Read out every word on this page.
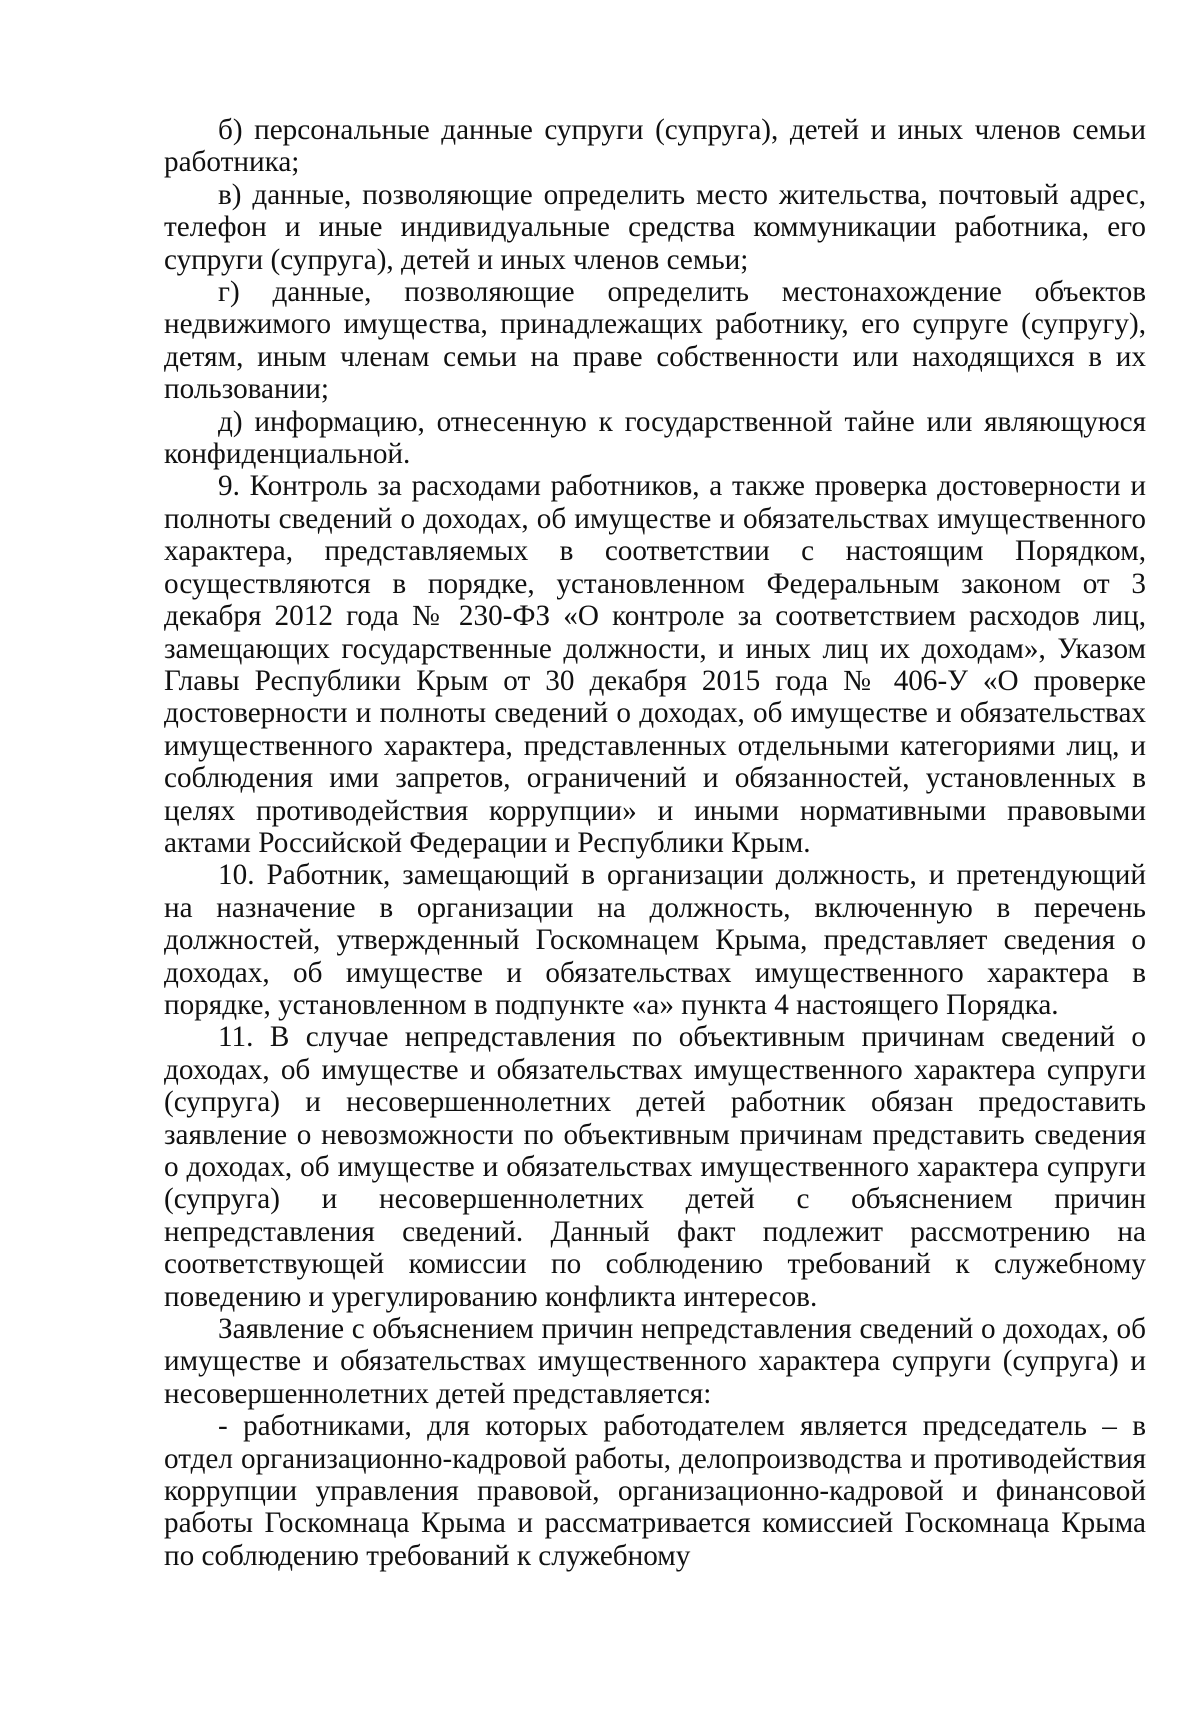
б) персональные данные супруги (супруга), детей и иных членов семьи работника;

в) данные, позволяющие определить место жительства, почтовый адрес, телефон и иные индивидуальные средства коммуникации работника, его супруги (супруга), детей и иных членов семьи;

г) данные, позволяющие определить местонахождение объектов недвижимого имущества, принадлежащих работнику, его супруге (супругу), детям, иным членам семьи на праве собственности или находящихся в их пользовании;

д) информацию, отнесенную к государственной тайне или являющуюся конфиденциальной.

9. Контроль за расходами работников, а также проверка достоверности и полноты сведений о доходах, об имуществе и обязательствах имущественного характера, представляемых в соответствии с настоящим Порядком, осуществляются в порядке, установленном Федеральным законом от 3 декабря 2012 года № 230-ФЗ «О контроле за соответствием расходов лиц, замещающих государственные должности, и иных лиц их доходам», Указом Главы Республики Крым от 30 декабря 2015 года № 406-У «О проверке достоверности и полноты сведений о доходах, об имуществе и обязательствах имущественного характера, представленных отдельными категориями лиц, и соблюдения ими запретов, ограничений и обязанностей, установленных в целях противодействия коррупции» и иными нормативными правовыми актами Российской Федерации и Республики Крым.

10. Работник, замещающий в организации должность, и претендующий на назначение в организации на должность, включенную в перечень должностей, утвержденный Госкомнацем Крыма, представляет сведения о доходах, об имуществе и обязательствах имущественного характера в порядке, установленном в подпункте «а» пункта 4 настоящего Порядка.

11. В случае непредставления по объективным причинам сведений о доходах, об имуществе и обязательствах имущественного характера супруги (супруга) и несовершеннолетних детей работник обязан предоставить заявление о невозможности по объективным причинам представить сведения о доходах, об имуществе и обязательствах имущественного характера супруги (супруга) и несовершеннолетних детей с объяснением причин непредставления сведений. Данный факт подлежит рассмотрению на соответствующей комиссии по соблюдению требований к служебному поведению и урегулированию конфликта интересов.

Заявление с объяснением причин непредставления сведений о доходах, об имуществе и обязательствах имущественного характера супруги (супруга) и несовершеннолетних детей представляется:

- работниками, для которых работодателем является председатель – в отдел организационно-кадровой работы, делопроизводства и противодействия коррупции управления правовой, организационно-кадровой и финансовой работы Госкомнаца Крыма и рассматривается комиссией Госкомнаца Крыма по соблюдению требований к служебному
